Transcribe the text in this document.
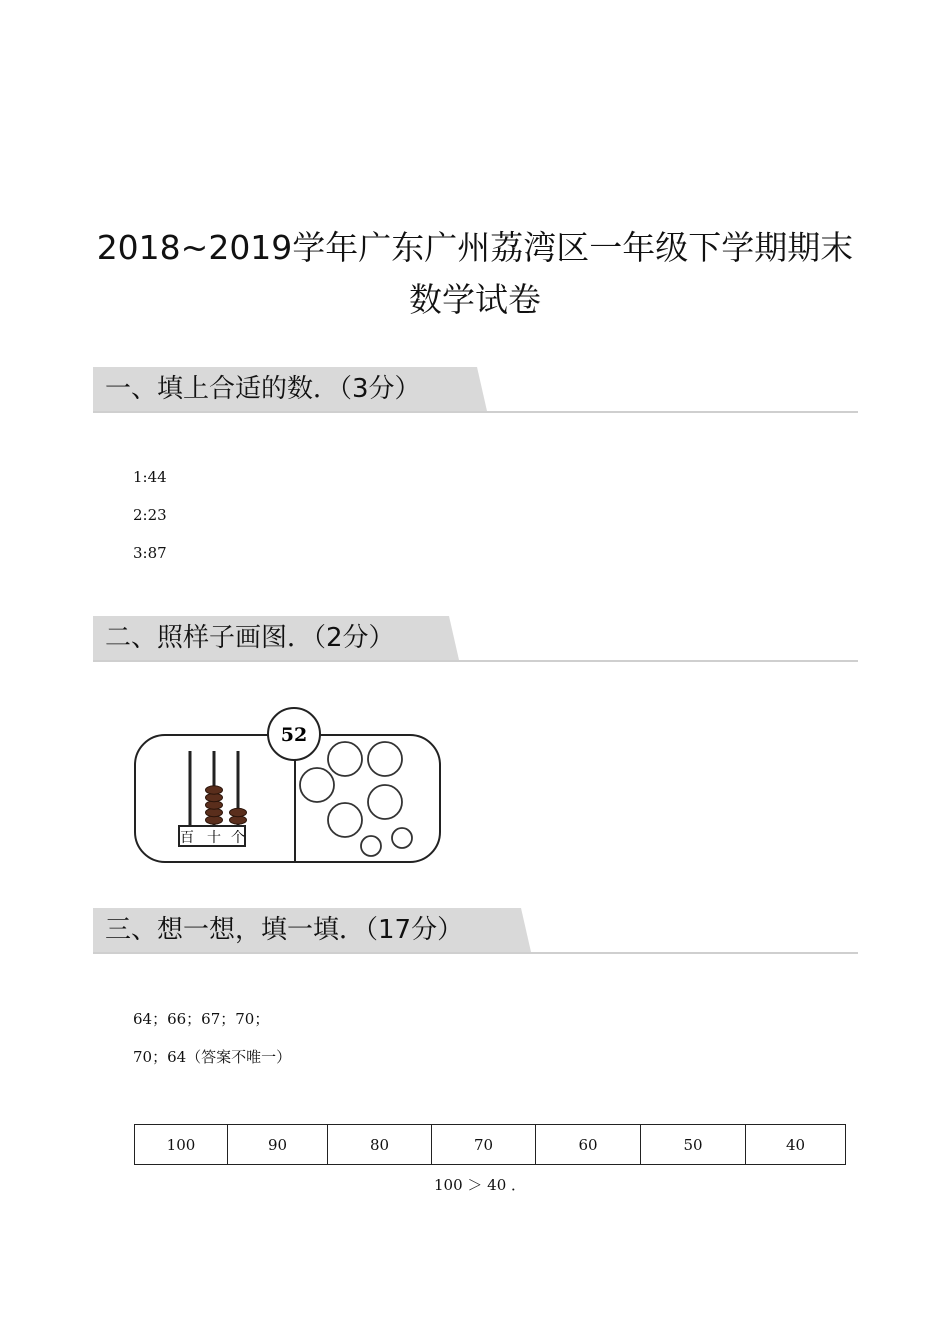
2018~2019学年广东广州荔湾区一年级下学期期末
数学试卷
一、填上合适的数．（3分）
1:44
2:23
3:87
二、照样子画图．（2分）
百 十 个
52
三、想一想，填一填．（17分）
64；66；67；70；
70；64（答案不唯一）
100	90	80	70	60	50	40
100 ＞ 40 ．
